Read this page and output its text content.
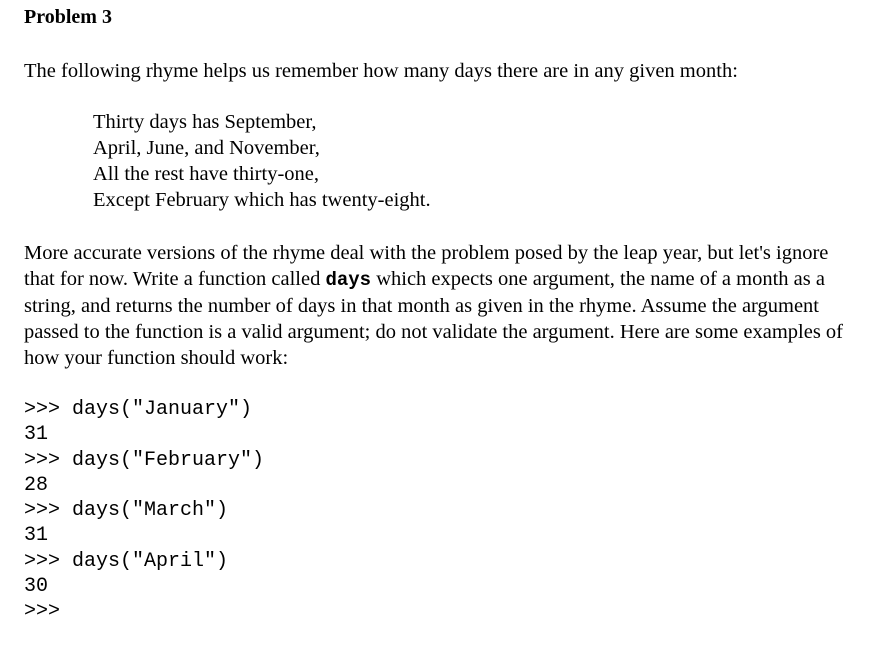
Problem 3
The following rhyme helps us remember how many days there are in any given month:
Thirty days has September,
April, June, and November,
All the rest have thirty-one,
Except February which has twenty-eight.
More accurate versions of the rhyme deal with the problem posed by the leap year, but let's ignore that for now. Write a function called days which expects one argument, the name of a month as a string, and returns the number of days in that month as given in the rhyme. Assume the argument passed to the function is a valid argument; do not validate the argument. Here are some examples of how your function should work:
>>> days("January")
31
>>> days("February")
28
>>> days("March")
31
>>> days("April")
30
>>>
